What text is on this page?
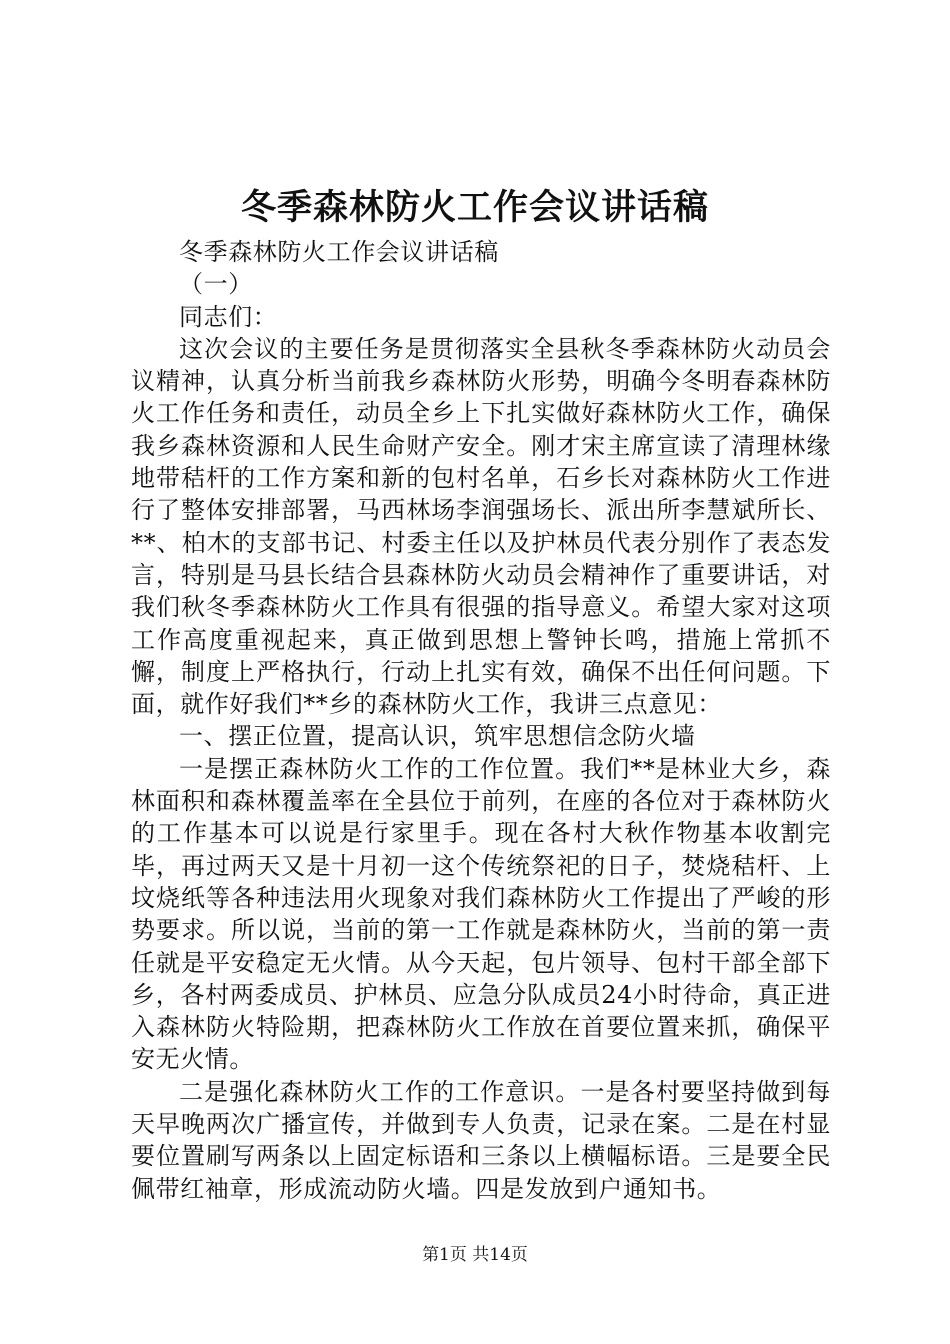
冬季森林防火工作会议讲话稿

冬季森林防火工作会议讲话稿

（一）

同志们：

这次会议的主要任务是贯彻落实全县秋冬季森林防火动员会议精神，认真分析当前我乡森林防火形势，明确今冬明春森林防火工作任务和责任，动员全乡上下扎实做好森林防火工作，确保我乡森林资源和人民生命财产安全。刚才宋主席宣读了清理林缘地带秸杆的工作方案和新的包村名单，石乡长对森林防火工作进行了整体安排部署，马西林场李润强场长、派出所李慧斌所长、**、柏木的支部书记、村委主任以及护林员代表分别作了表态发言，特别是马县长结合县森林防火动员会精神作了重要讲话，对我们秋冬季森林防火工作具有很强的指导意义。希望大家对这项工作高度重视起来，真正做到思想上警钟长鸣，措施上常抓不懈，制度上严格执行，行动上扎实有效，确保不出任何问题。下面，就作好我们**乡的森林防火工作，我讲三点意见：

一、摆正位置，提高认识，筑牢思想信念防火墙

一是摆正森林防火工作的工作位置。我们**是林业大乡，森林面积和森林覆盖率在全县位于前列，在座的各位对于森林防火的工作基本可以说是行家里手。现在各村大秋作物基本收割完毕，再过两天又是十月初一这个传统祭祀的日子，焚烧秸杆、上坟烧纸等各种违法用火现象对我们森林防火工作提出了严峻的形势要求。所以说，当前的第一工作就是森林防火，当前的第一责任就是平安稳定无火情。从今天起，包片领导、包村干部全部下乡，各村两委成员、护林员、应急分队成员24小时待命，真正进入森林防火特险期，把森林防火工作放在首要位置来抓，确保平安无火情。

二是强化森林防火工作的工作意识。一是各村要坚持做到每天早晚两次广播宣传，并做到专人负责，记录在案。二是在村显要位置刷写两条以上固定标语和三条以上横幅标语。三是要全民佩带红袖章，形成流动防火墙。四是发放到户通知书。

第1页 共14页
